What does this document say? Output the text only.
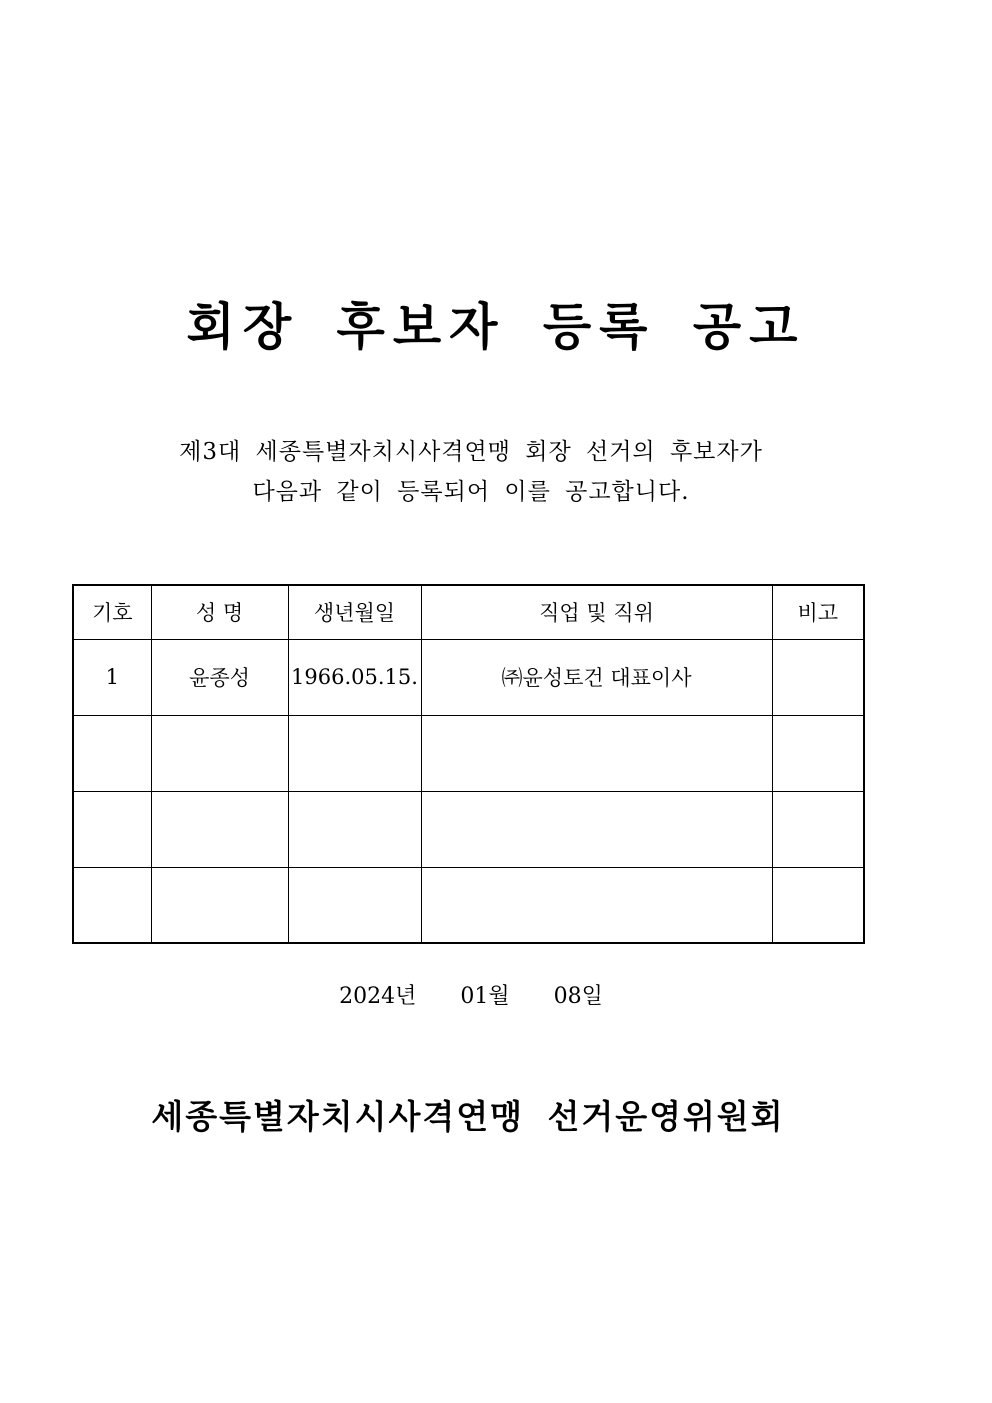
회장 후보자 등록 공고
제3대 세종특별자치시사격연맹 회장 선거의 후보자가
다음과 같이 등록되어 이를 공고합니다.
기호	성 명	생년월일	직업 및 직위	비고
1	윤종성	1966.05.15.	㈜윤성토건 대표이사	

2024년 01월 08일
세종특별자치시사격연맹 선거운영위원회
